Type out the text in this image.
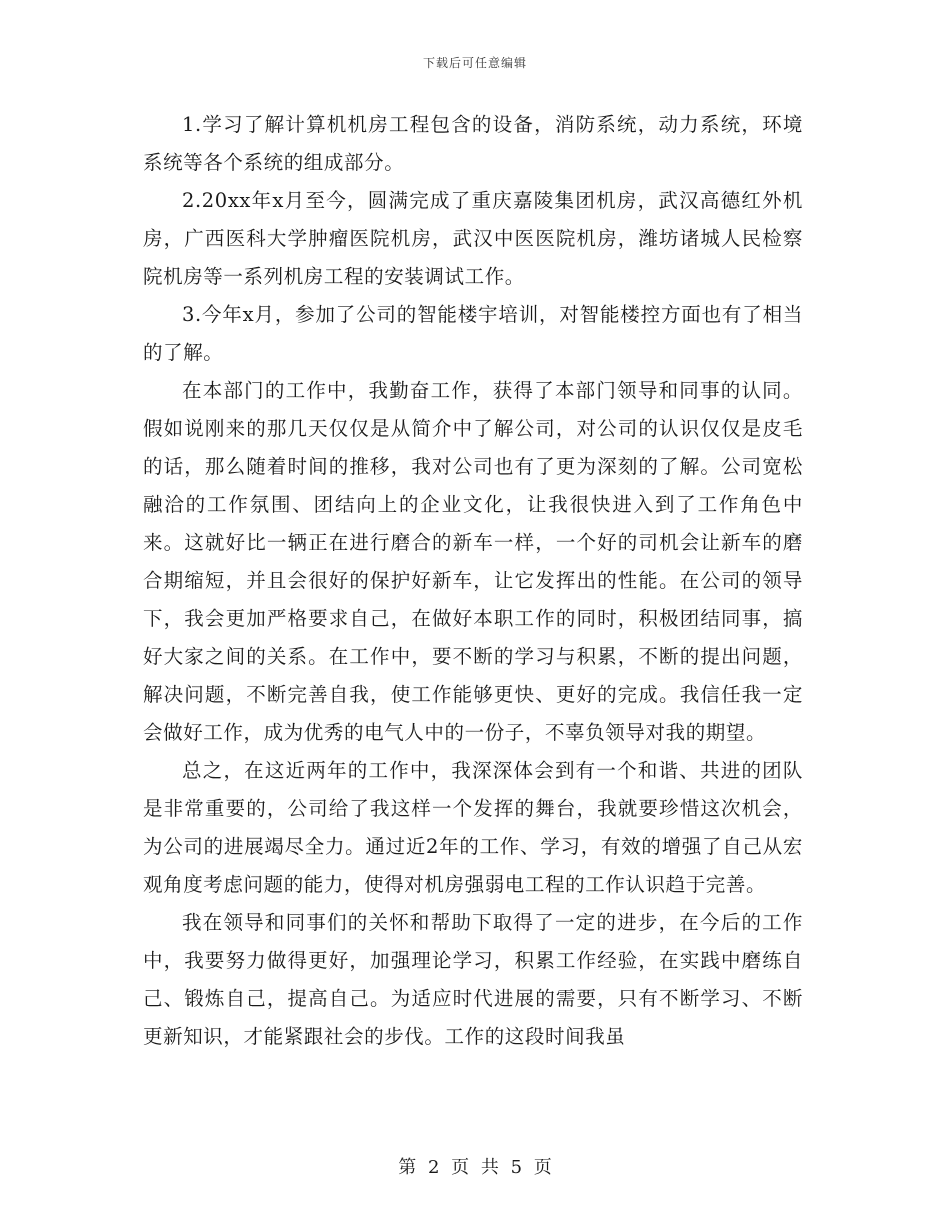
下载后可任意编辑

1.学习了解计算机机房工程包含的设备，消防系统，动力系统，环境系统等各个系统的组成部分。

2.20xx年x月至今，圆满完成了重庆嘉陵集团机房，武汉高德红外机房，广西医科大学肿瘤医院机房，武汉中医医院机房，潍坊诸城人民检察院机房等一系列机房工程的安装调试工作。

3.今年x月，参加了公司的智能楼宇培训，对智能楼控方面也有了相当的了解。

在本部门的工作中，我勤奋工作，获得了本部门领导和同事的认同。假如说刚来的那几天仅仅是从简介中了解公司，对公司的认识仅仅是皮毛的话，那么随着时间的推移，我对公司也有了更为深刻的了解。公司宽松融洽的工作氛围、团结向上的企业文化，让我很快进入到了工作角色中来。这就好比一辆正在进行磨合的新车一样，一个好的司机会让新车的磨合期缩短，并且会很好的保护好新车，让它发挥出的性能。在公司的领导下，我会更加严格要求自己，在做好本职工作的同时，积极团结同事，搞好大家之间的关系。在工作中，要不断的学习与积累，不断的提出问题，解决问题，不断完善自我，使工作能够更快、更好的完成。我信任我一定会做好工作，成为优秀的电气人中的一份子，不辜负领导对我的期望。

总之，在这近两年的工作中，我深深体会到有一个和谐、共进的团队是非常重要的，公司给了我这样一个发挥的舞台，我就要珍惜这次机会，为公司的进展竭尽全力。通过近2年的工作、学习，有效的增强了自己从宏观角度考虑问题的能力，使得对机房强弱电工程的工作认识趋于完善。

我在领导和同事们的关怀和帮助下取得了一定的进步，在今后的工作中，我要努力做得更好，加强理论学习，积累工作经验，在实践中磨练自己、锻炼自己，提高自己。为适应时代进展的需要，只有不断学习、不断更新知识，才能紧跟社会的步伐。工作的这段时间我虽

第 2 页 共 5 页
